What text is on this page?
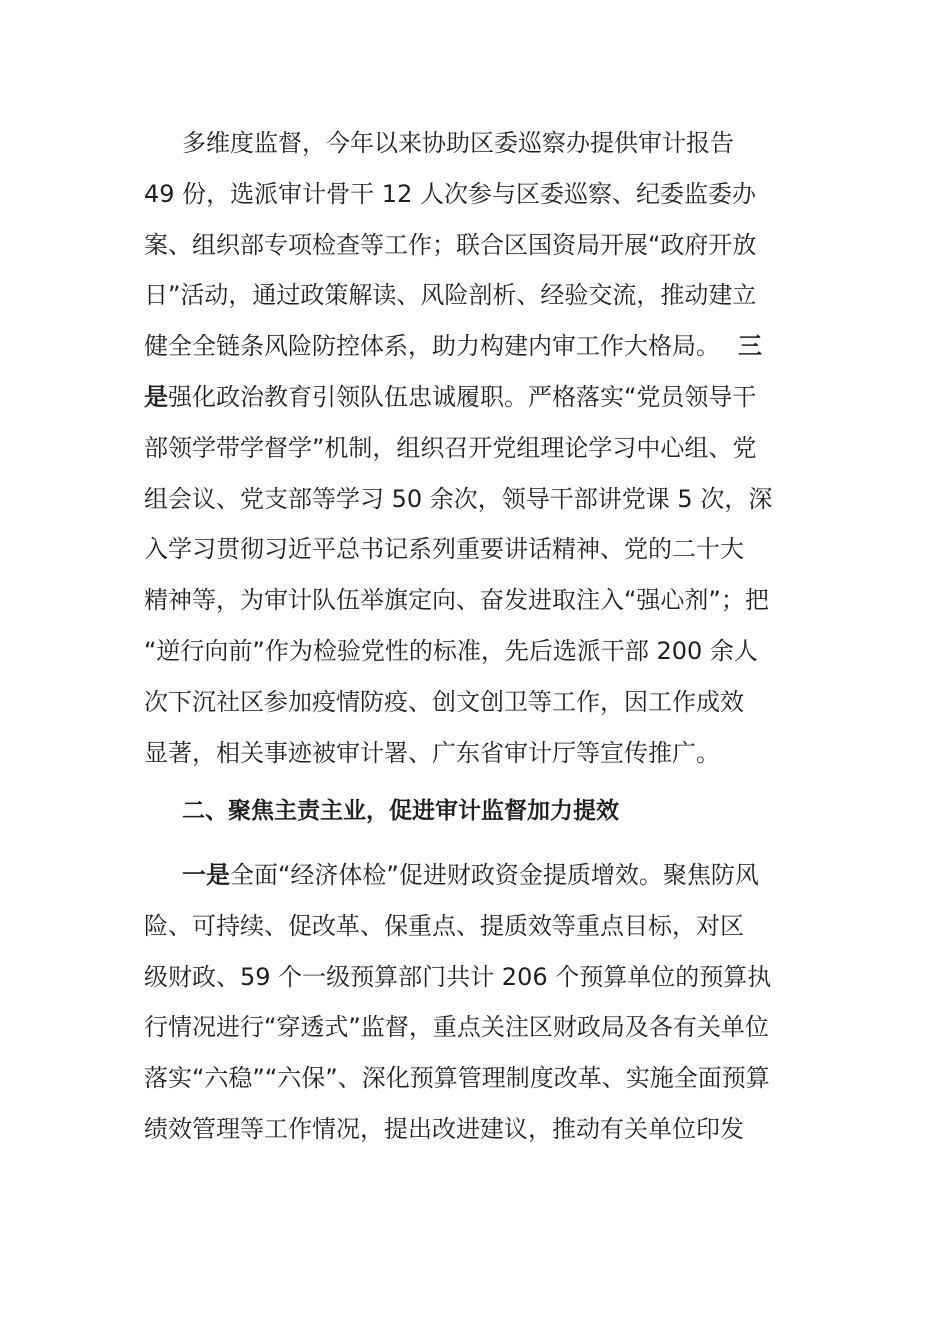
多维度监督，今年以来协助区委巡察办提供审计报告
49 份，选派审计骨干 12 人次参与区委巡察、纪委监委办
案、组织部专项检查等工作；联合区国资局开展“政府开放
日”活动，通过政策解读、风险剖析、经验交流，推动建立
健全全链条风险防控体系，助力构建内审工作大格局。 三
是强化政治教育引领队伍忠诚履职。严格落实“党员领导干
部领学带学督学”机制，组织召开党组理论学习中心组、党
组会议、党支部等学习 50 余次，领导干部讲党课 5 次，深
入学习贯彻习近平总书记系列重要讲话精神、党的二十大
精神等，为审计队伍举旗定向、奋发进取注入“强心剂”；把
“逆行向前”作为检验党性的标准，先后选派干部 200 余人
次下沉社区参加疫情防疫、创文创卫等工作，因工作成效
显著，相关事迹被审计署、广东省审计厅等宣传推广。
二、聚焦主责主业，促进审计监督加力提效
一是全面“经济体检”促进财政资金提质增效。聚焦防风
险、可持续、促改革、保重点、提质效等重点目标，对区
级财政、59 个一级预算部门共计 206 个预算单位的预算执
行情况进行“穿透式”监督，重点关注区财政局及各有关单位
落实“六稳”“六保”、深化预算管理制度改革、实施全面预算
绩效管理等工作情况，提出改进建议，推动有关单位印发
